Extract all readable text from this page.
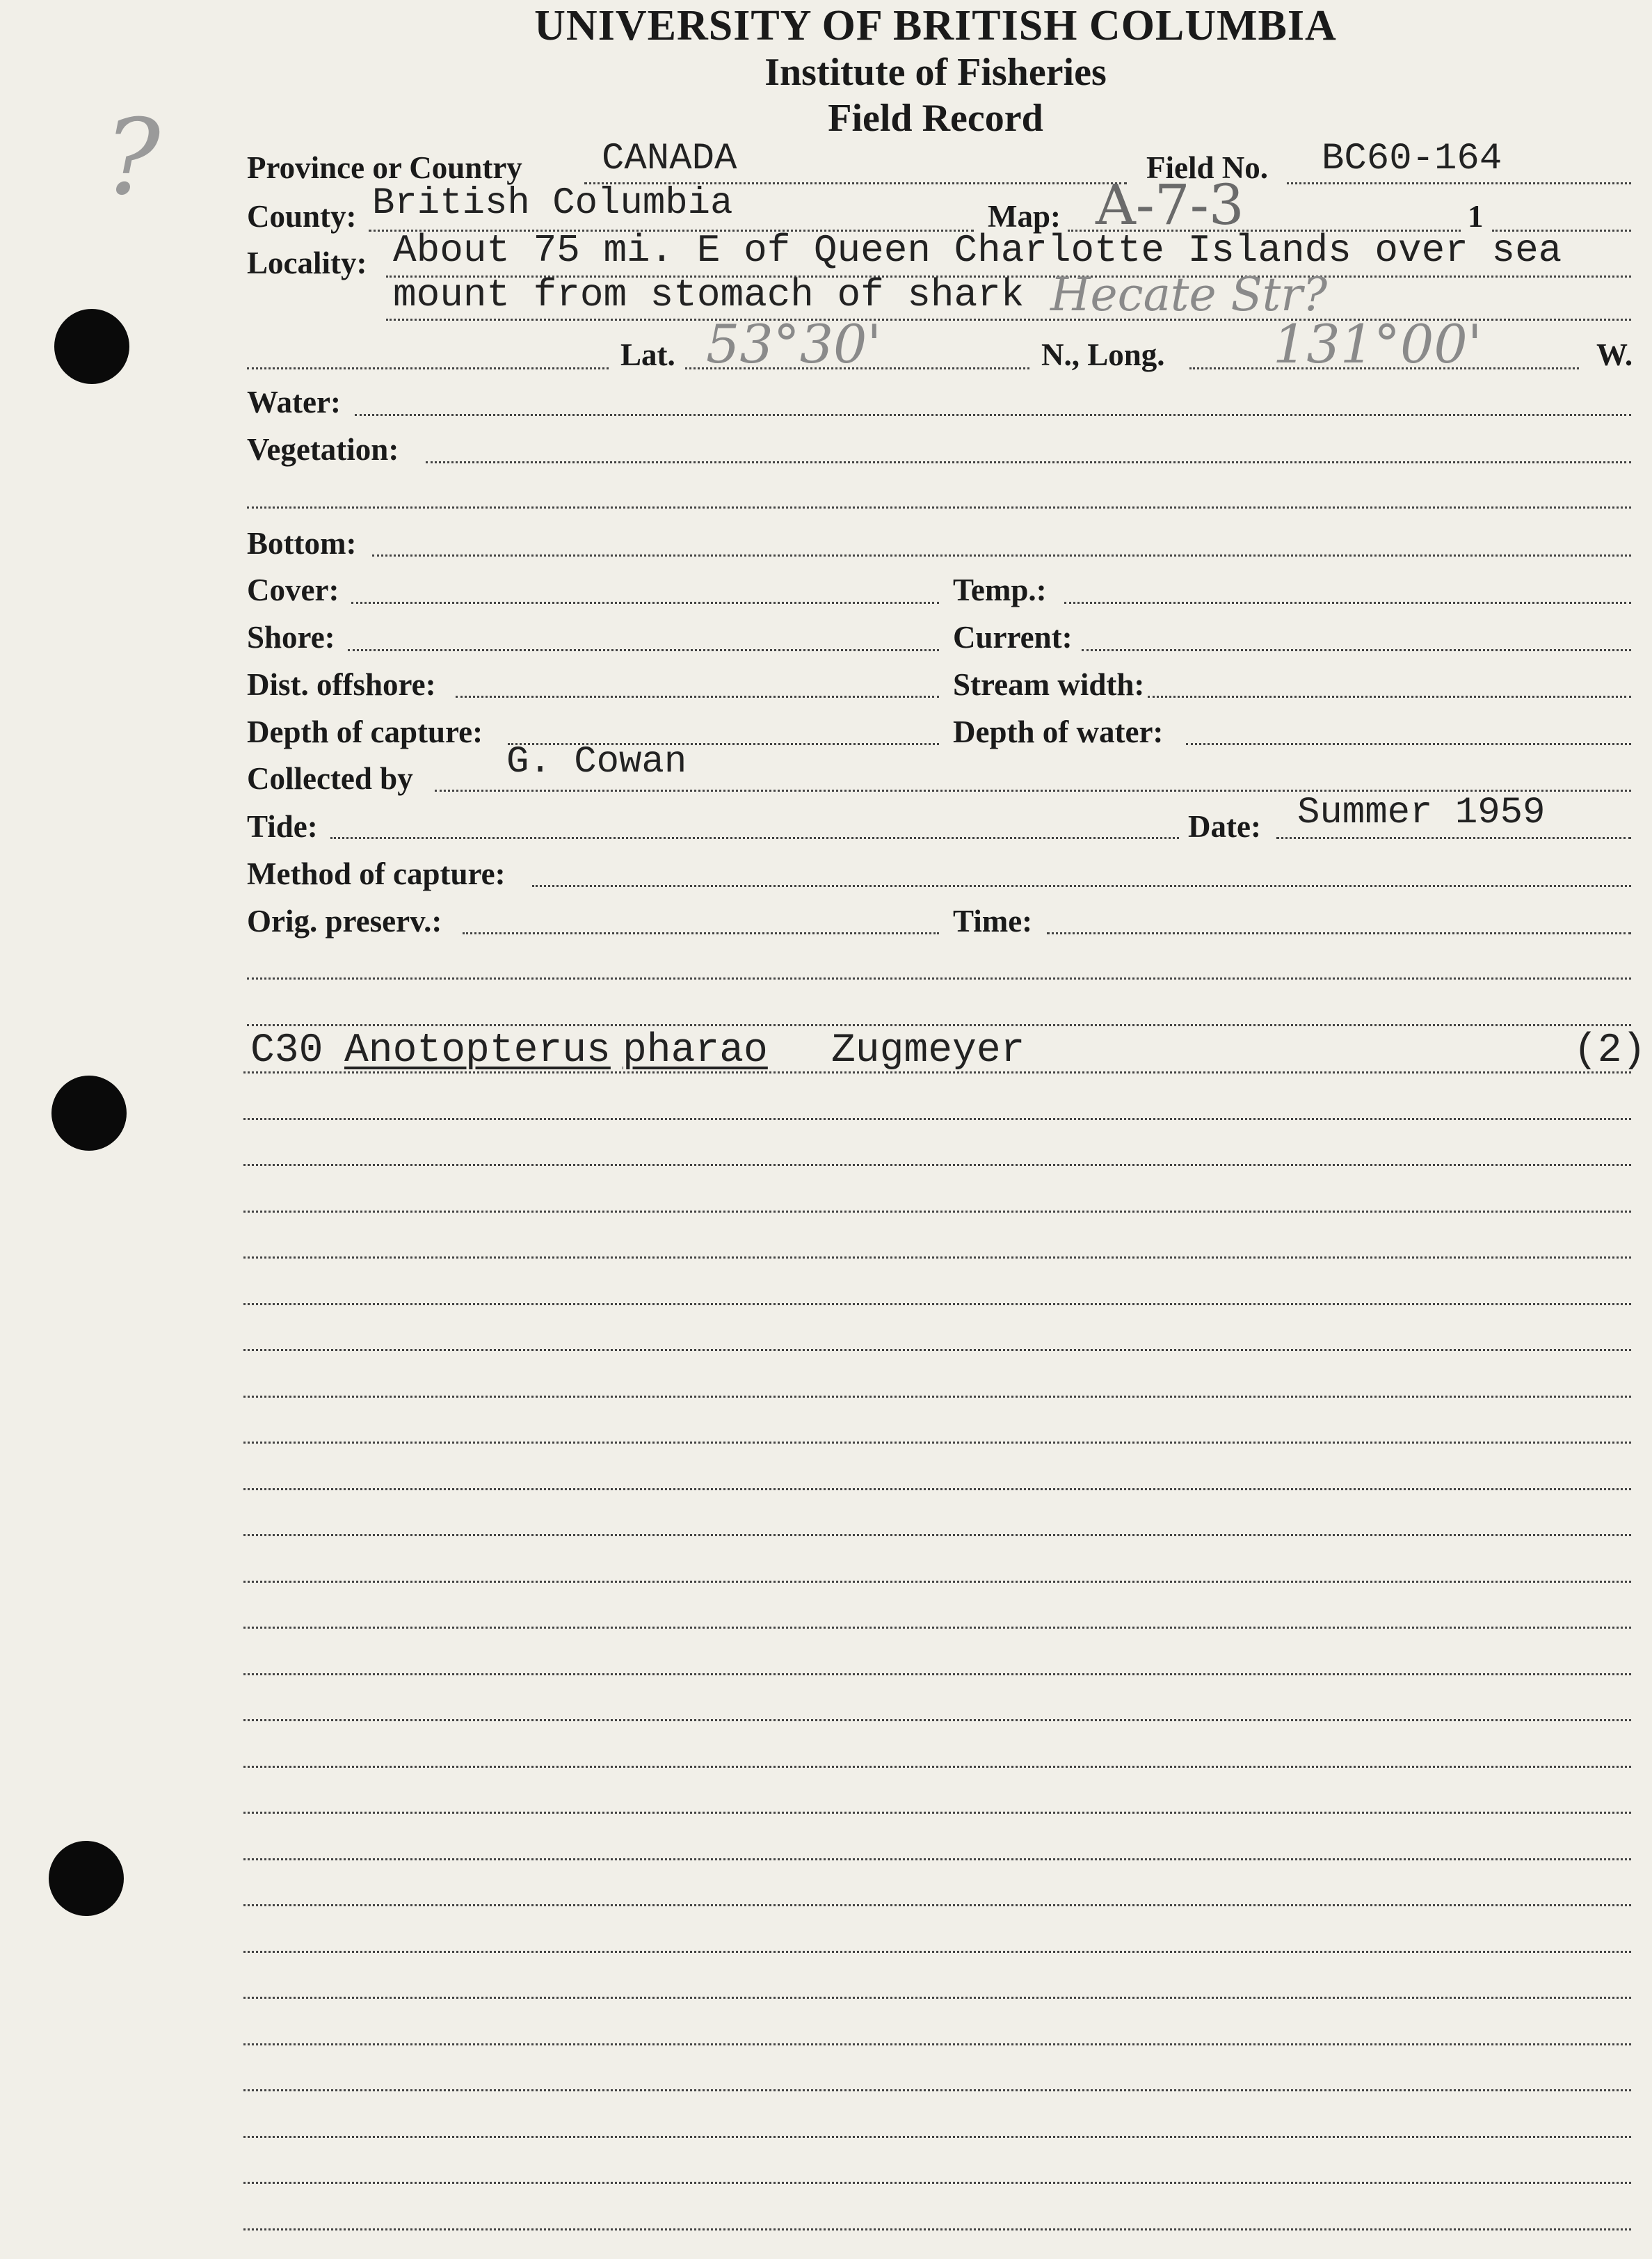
?
UNIVERSITY OF BRITISH COLUMBIA
Institute of Fisheries
Field Record
Province or Country CANADA	Field No. BC60-164
County: British Columbia	Map: A-7-3	1
Locality: About 75 mi. E of Queen Charlotte Islands over sea
mount from stomach of shark Hecate Str?
Lat. 53°30'	N., Long. 131°00'	W.
Water:
Vegetation:
Bottom:
Cover:	Temp.:
Shore:	Current:
Dist. offshore:	Stream width:
Depth of capture:	Depth of water:
Collected by G. Cowan
Tide:	Date: Summer 1959
Method of capture:
Orig. preserv.:	Time:
C30 Anotopterus pharao Zugmeyer	(2)
